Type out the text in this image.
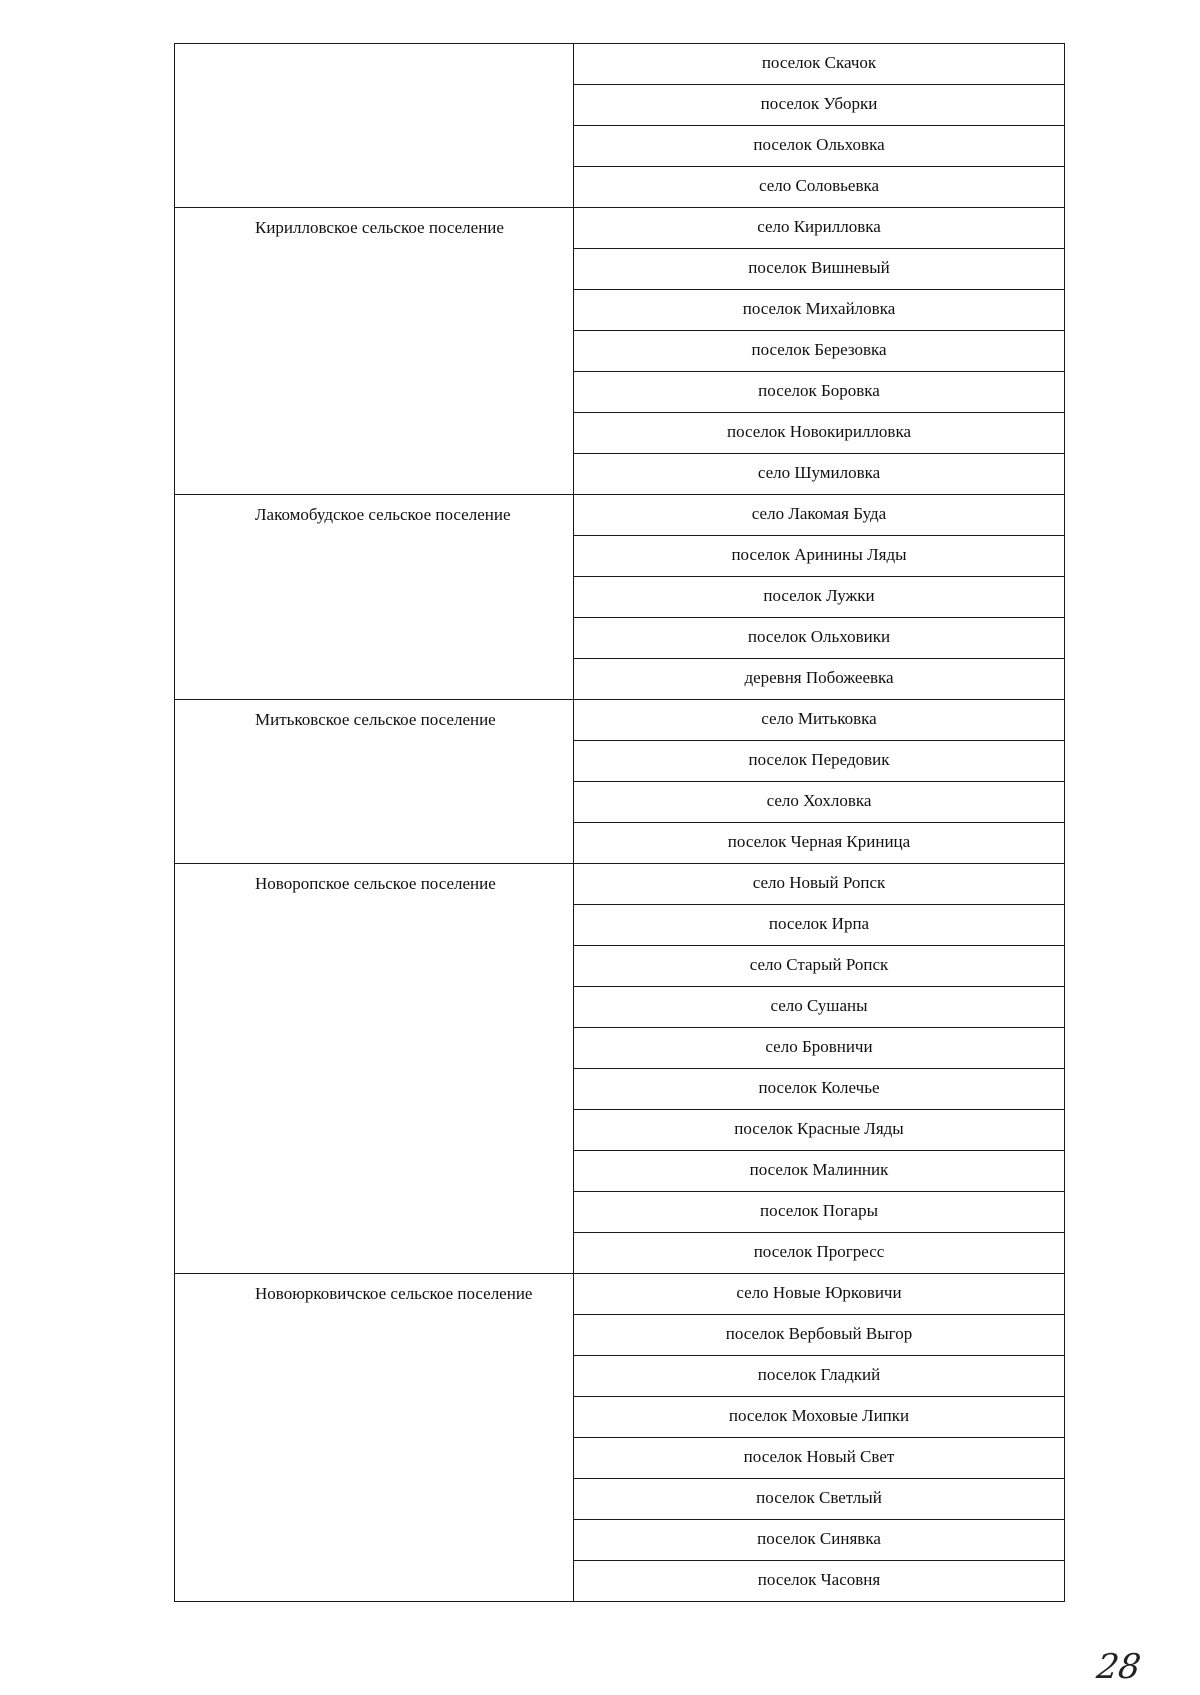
	поселок Скачок
	поселок Уборки
	поселок Ольховка
	село Соловьевка
Кирилловское сельское поселение	село Кирилловка
	поселок Вишневый
	поселок Михайловка
	поселок Березовка
	поселок Боровка
	поселок Новокирилловка
	село Шумиловка
Лакомобудское сельское поселение	село Лакомая Буда
	поселок Аринины Ляды
	поселок Лужки
	поселок Ольховики
	деревня Побожеевка
Митьковское сельское поселение	село Митьковка
	поселок Передовик
	село Хохловка
	поселок Черная Криница
Новоропское сельское поселение	село Новый Ропск
	поселок Ирпа
	село Старый Ропск
	село Сушаны
	село Бровничи
	поселок Колечье
	поселок Красные Ляды
	поселок Малинник
	поселок Погары
	поселок Прогресс
Новоюрковичское сельское поселение	село Новые Юрковичи
	поселок Вербовый Выгор
	поселок Гладкий
	поселок Моховые Липки
	поселок Новый Свет
	поселок Светлый
	поселок Синявка
	поселок Часовня
28
